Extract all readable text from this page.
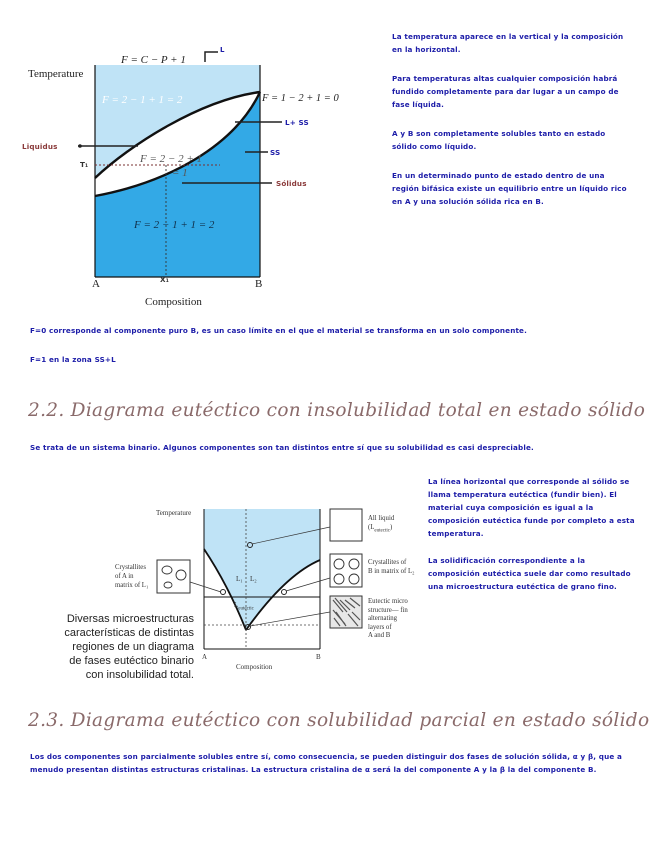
F = C − P + 1
Temperature
F = 2 − 1 + 1 = 2	F = 1 − 2 + 1 = 0
F = 2 − 2 + 1
= 1
F = 2 − 1 + 1 = 2
A	B
Composition
L
Liquidus
T₁
L+ SS
SS
Sólidus
X₁

La temperatura aparece en la vertical y la composición en la horizontal.

Para temperaturas altas cualquier composición habrá fundido completamente para dar lugar a un campo de fase líquida.

A y B son completamente solubles tanto en estado sólido como líquido.

En un determinado punto de estado dentro de una región bifásica existe un equilibrio entre un líquido rico en A y una solución sólida rica en B.

F=0 corresponde al componente puro B, es un caso límite en el que el material se transforma en un solo componente.

F=1 en la zona SS+L

2.2. Diagrama eutéctico con insolubilidad total en estado sólido

Se trata de un sistema binario. Algunos componentes son tan distintos entre sí que su solubilidad es casi despreciable.

Temperature
A	B
Composition
L₁ L₂
$L_{eutectic}$
All liquid
$(L_{eutectic})$
Crystallites
of A in
matrix of L₁
Crystallites of
B in matrix of L₂
Eutectic micro
structure— fin
alternating
layers of
A and B
Diversas microestructuras
características de distintas
regiones de un diagrama
de fases eutéctico binario
con insolubilidad total.

La línea horizontal que corresponde al sólido se llama temperatura eutéctica (fundir bien). El material cuya composición es igual a la composición eutéctica funde por completo a esta temperatura.

La solidificación correspondiente a la composición eutéctica suele dar como resultado una microestructura eutéctica de grano fino.

2.3. Diagrama eutéctico con solubilidad parcial en estado sólido

Los dos componentes son parcialmente solubles entre sí, como consecuencia, se pueden distinguir dos fases de solución sólida, α y β, que a menudo presentan distintas estructuras cristalinas. La estructura cristalina de α será la del componente A y la β la del componente B.
